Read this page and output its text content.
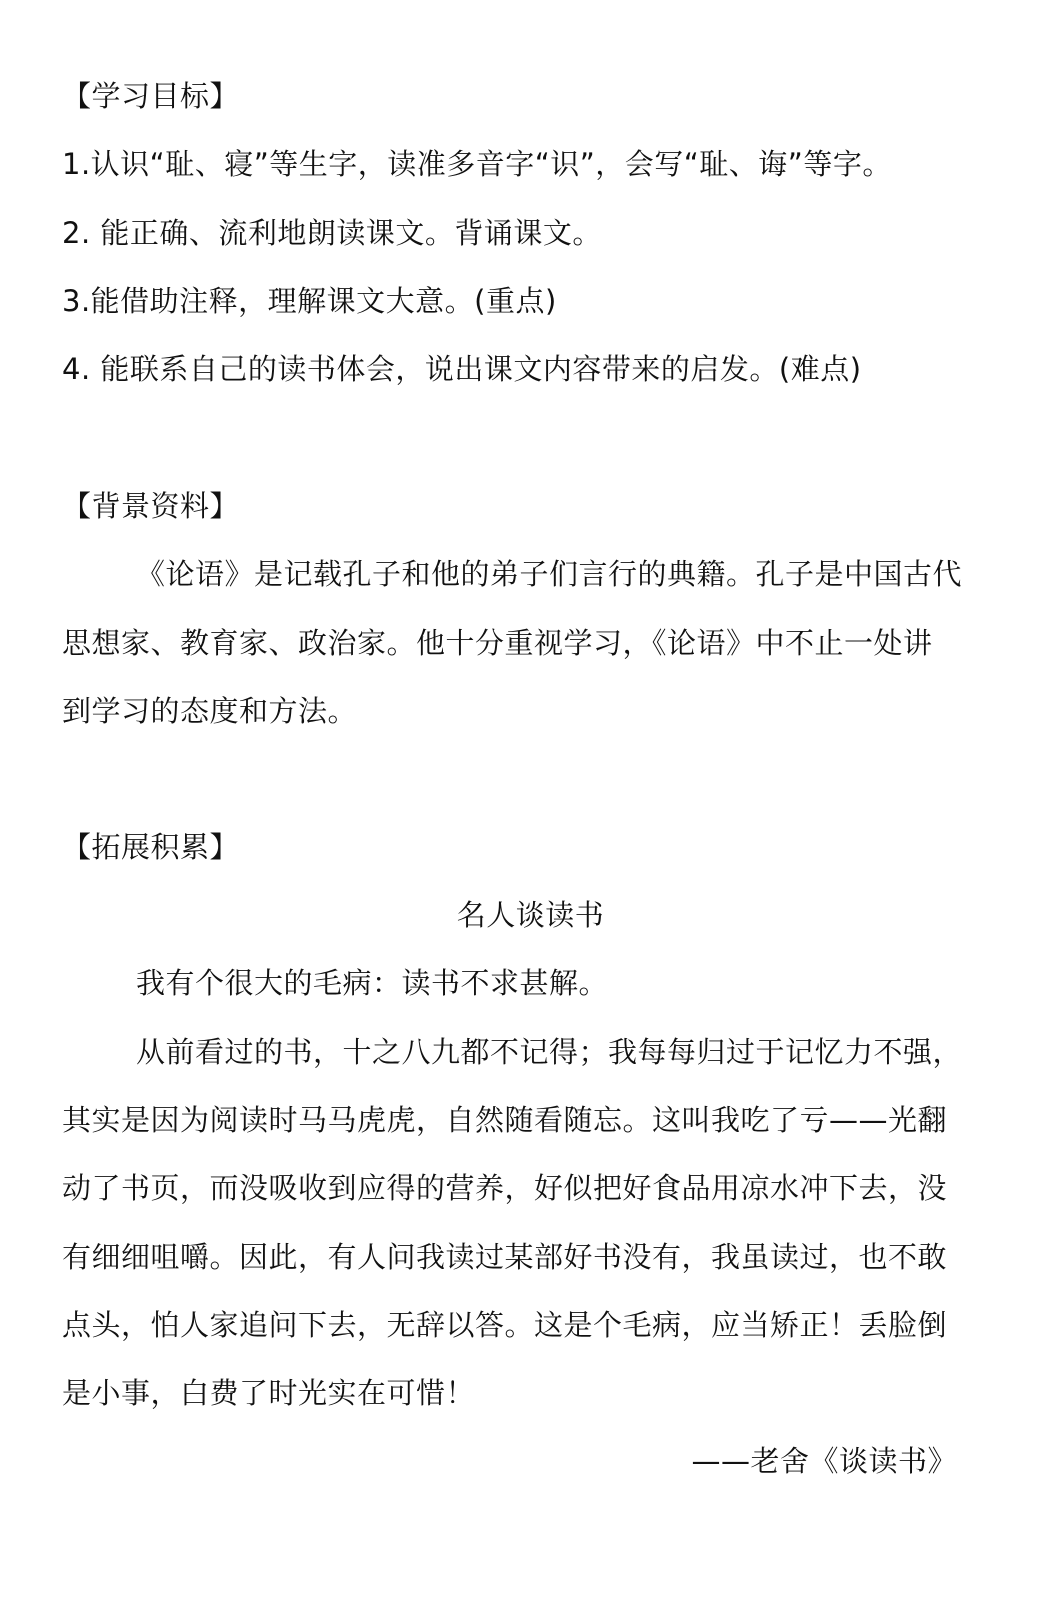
【学习目标】
1.认识“耻、寝”等生字，读准多音字“识”，会写“耻、诲”等字。
2. 能正确、流利地朗读课文。背诵课文。
3.能借助注释，理解课文大意。(重点)
4. 能联系自己的读书体会，说出课文内容带来的启发。(难点)
【背景资料】
《论语》是记载孔子和他的弟子们言行的典籍。孔子是中国古代
思想家、教育家、政治家。他十分重视学习，《论语》中不止一处讲
到学习的态度和方法。
【拓展积累】
名人谈读书
我有个很大的毛病：读书不求甚解。
从前看过的书，十之八九都不记得；我每每归过于记忆力不强，
其实是因为阅读时马马虎虎，自然随看随忘。这叫我吃了亏——光翻
动了书页，而没吸收到应得的营养，好似把好食品用凉水冲下去，没
有细细咀嚼。因此，有人问我读过某部好书没有，我虽读过，也不敢
点头，怕人家追问下去，无辞以答。这是个毛病，应当矫正！丢脸倒
是小事，白费了时光实在可惜！
——老舍《谈读书》
